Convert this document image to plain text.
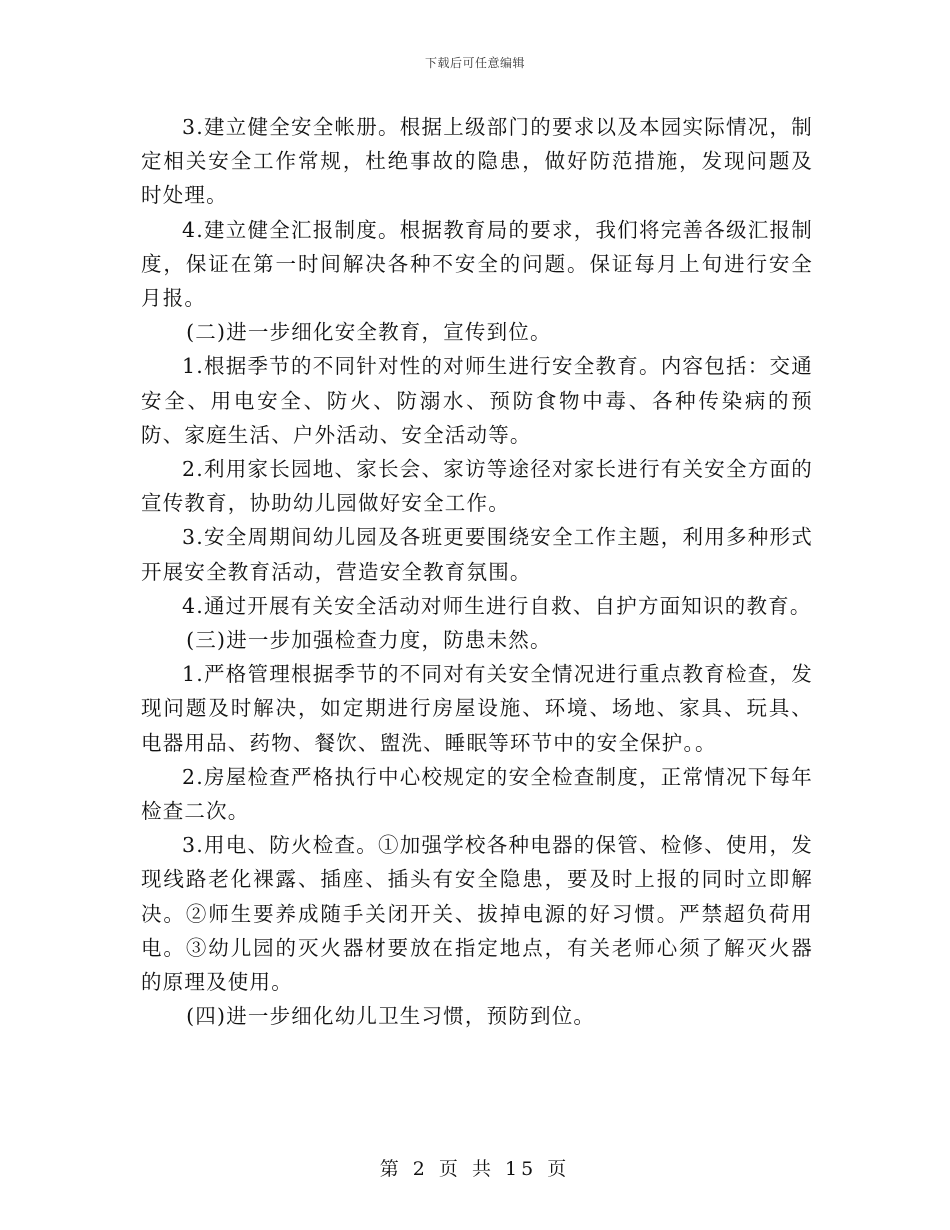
下载后可任意编辑

3.建立健全安全帐册。根据上级部门的要求以及本园实际情况，制定相关安全工作常规，杜绝事故的隐患，做好防范措施，发现问题及时处理。

4.建立健全汇报制度。根据教育局的要求，我们将完善各级汇报制度，保证在第一时间解决各种不安全的问题。保证每月上旬进行安全月报。

(二)进一步细化安全教育，宣传到位。

1.根据季节的不同针对性的对师生进行安全教育。内容包括：交通安全、用电安全、防火、防溺水、预防食物中毒、各种传染病的预防、家庭生活、户外活动、安全活动等。

2.利用家长园地、家长会、家访等途径对家长进行有关安全方面的宣传教育，协助幼儿园做好安全工作。

3.安全周期间幼儿园及各班更要围绕安全工作主题，利用多种形式开展安全教育活动，营造安全教育氛围。

4.通过开展有关安全活动对师生进行自救、自护方面知识的教育。

(三)进一步加强检查力度，防患未然。

1.严格管理根据季节的不同对有关安全情况进行重点教育检查，发现问题及时解决，如定期进行房屋设施、环境、场地、家具、玩具、电器用品、药物、餐饮、盥洗、睡眠等环节中的安全保护。。

2.房屋检查严格执行中心校规定的安全检查制度，正常情况下每年检查二次。

3.用电、防火检查。①加强学校各种电器的保管、检修、使用，发现线路老化裸露、插座、插头有安全隐患，要及时上报的同时立即解决。②师生要养成随手关闭开关、拔掉电源的好习惯。严禁超负荷用电。③幼儿园的灭火器材要放在指定地点，有关老师心须了解灭火器的原理及使用。

(四)进一步细化幼儿卫生习惯，预防到位。

第 2 页 共 15 页
